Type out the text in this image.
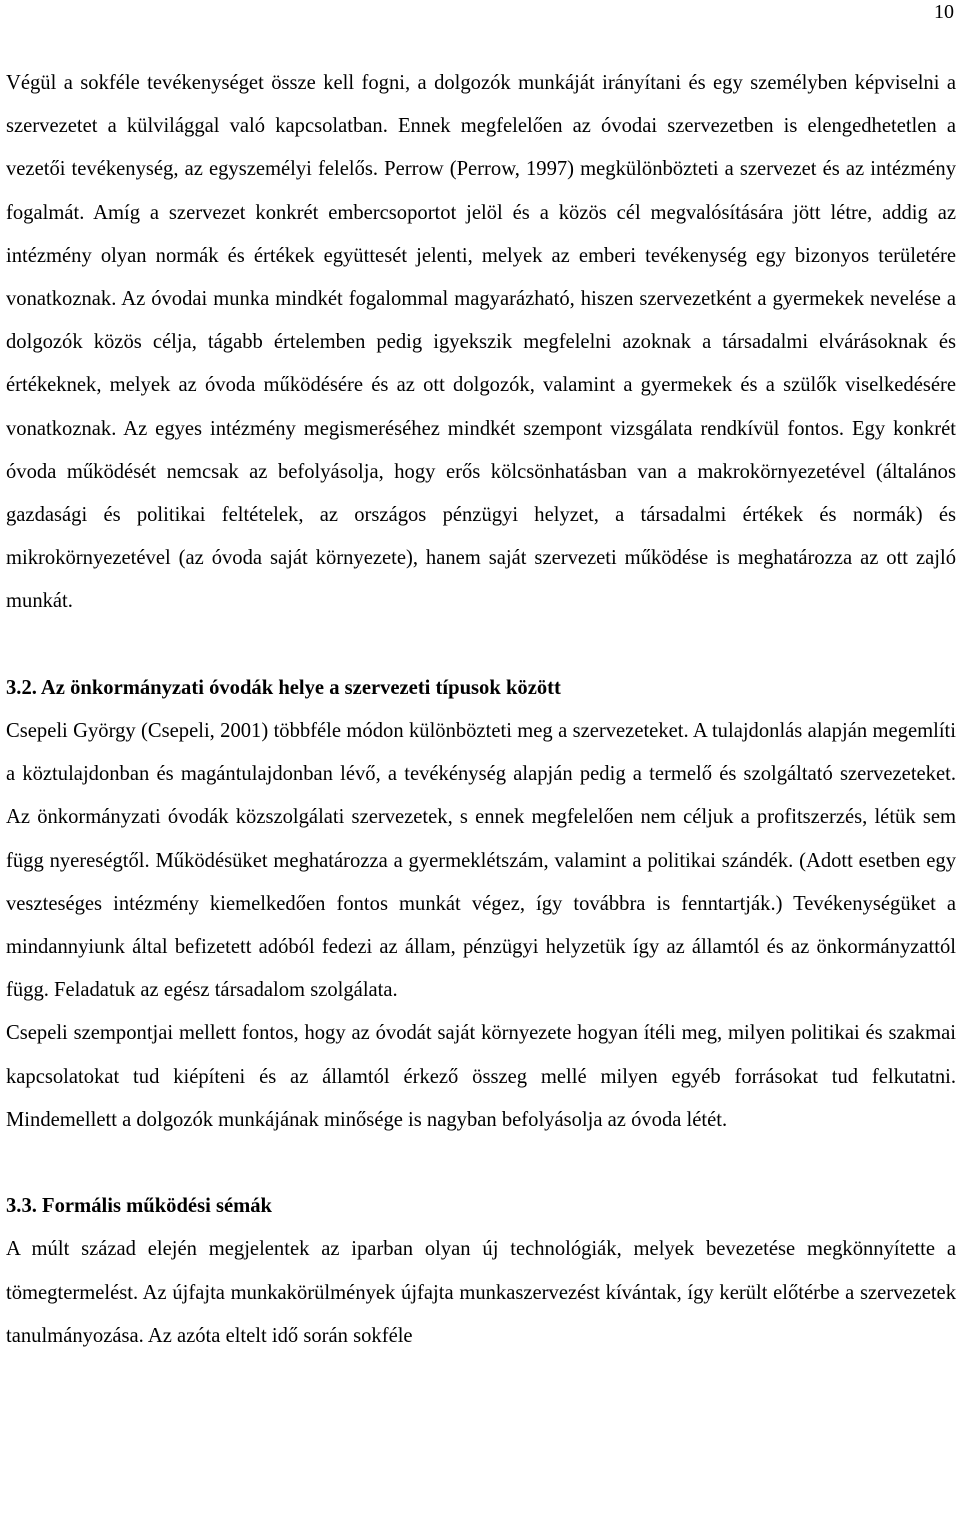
10

Végül a sokféle tevékenységet össze kell fogni, a dolgozók munkáját irányítani és egy személyben képviselni a szervezetet a külvilággal való kapcsolatban. Ennek megfelelően az óvodai szervezetben is elengedhetetlen a vezetői tevékenység, az egyszemélyi felelős. Perrow (Perrow, 1997) megkülönbözteti a szervezet és az intézmény fogalmát. Amíg a szervezet konkrét embercsoportot jelöl és a közös cél megvalósítására jött létre, addig az intézmény olyan normák és értékek együttesét jelenti, melyek az emberi tevékenység egy bizonyos területére vonatkoznak. Az óvodai munka mindkét fogalommal magyarázható, hiszen szervezetként a gyermekek nevelése a dolgozók közös célja, tágabb értelemben pedig igyekszik megfelelni azoknak a társadalmi elvárásoknak és értékeknek, melyek az óvoda működésére és az ott dolgozók, valamint a gyermekek és a szülők viselkedésére vonatkoznak. Az egyes intézmény megismeréséhez mindkét szempont vizsgálata rendkívül fontos. Egy konkrét óvoda működését nemcsak az befolyásolja, hogy erős kölcsönhatásban van a makrokörnyezetével (általános gazdasági és politikai feltételek, az országos pénzügyi helyzet, a társadalmi értékek és normák) és mikrokörnyezetével (az óvoda saját környezete), hanem saját szervezeti működése is meghatározza az ott zajló munkát.

3.2. Az önkormányzati óvodák helye a szervezeti típusok között

Csepeli György (Csepeli, 2001) többféle módon különbözteti meg a szervezeteket. A tulajdonlás alapján megemlíti a köztulajdonban és magántulajdonban lévő, a tevékénység alapján pedig a termelő és szolgáltató szervezeteket. Az önkormányzati óvodák közszolgálati szervezetek, s ennek megfelelően nem céljuk a profitszerzés, létük sem függ nyereségtől. Működésüket meghatározza a gyermeklétszám, valamint a politikai szándék. (Adott esetben egy veszteséges intézmény kiemelkedően fontos munkát végez, így továbbra is fenntartják.) Tevékenységüket a mindannyiunk által befizetett adóból fedezi az állam, pénzügyi helyzetük így az államtól és az önkormányzattól függ. Feladatuk az egész társadalom szolgálata.

Csepeli szempontjai mellett fontos, hogy az óvodát saját környezete hogyan ítéli meg, milyen politikai és szakmai kapcsolatokat tud kiépíteni és az államtól érkező összeg mellé milyen egyéb forrásokat tud felkutatni. Mindemellett a dolgozók munkájának minősége is nagyban befolyásolja az óvoda létét.

3.3. Formális működési sémák

A múlt század elején megjelentek az iparban olyan új technológiák, melyek bevezetése megkönnyítette a tömegtermelést. Az újfajta munkakörülmények újfajta munkaszervezést kívántak, így került előtérbe a szervezetek tanulmányozása. Az azóta eltelt idő során sokféle
